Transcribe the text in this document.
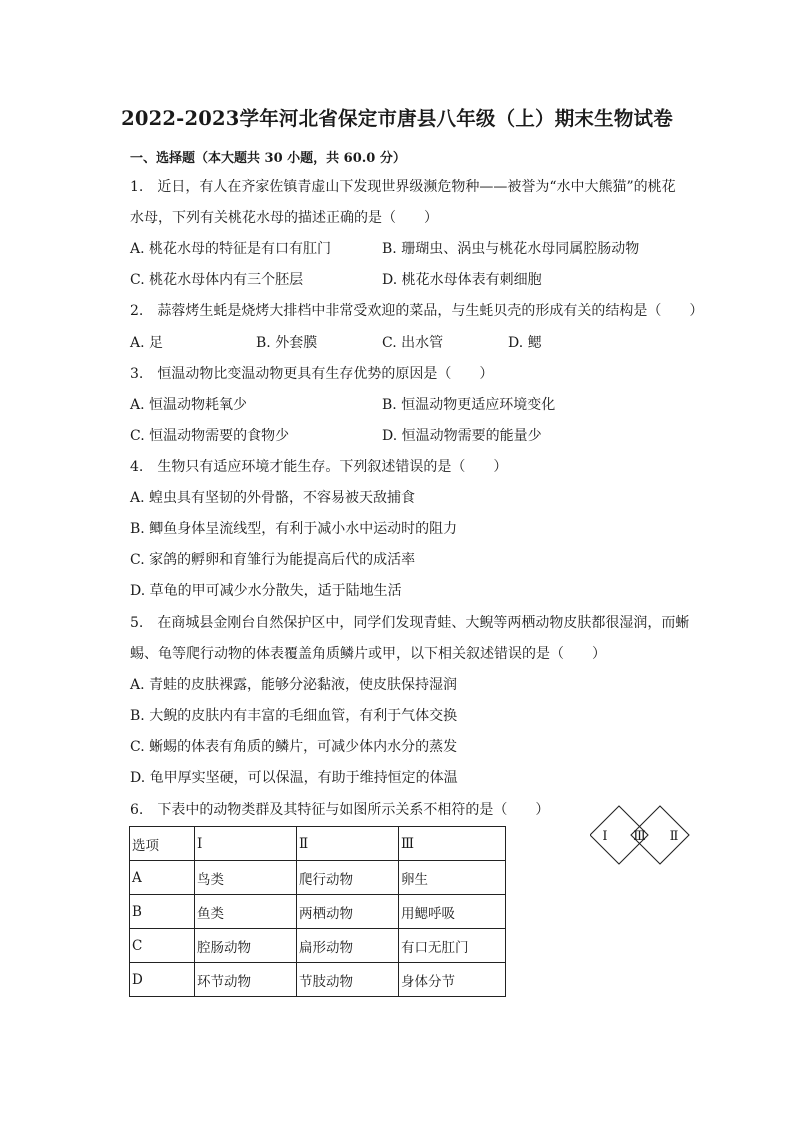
2022-2023学年河北省保定市唐县八年级（上）期末生物试卷
一、选择题（本大题共 30 小题，共 60.0 分）
1.　近日，有人在齐家佐镇青虚山下发现世界级濒危物种——被誉为“水中大熊猫”的桃花
水母，下列有关桃花水母的描述正确的是（　　）
A. 桃花水母的特征是有口有肛门	B. 珊瑚虫、涡虫与桃花水母同属腔肠动物
C. 桃花水母体内有三个胚层	D. 桃花水母体表有刺细胞
2.　蒜蓉烤生蚝是烧烤大排档中非常受欢迎的菜品，与生蚝贝壳的形成有关的结构是（　　）
A. 足	B. 外套膜	C. 出水管	D. 鳃
3.　恒温动物比变温动物更具有生存优势的原因是（　　）
A. 恒温动物耗氧少	B. 恒温动物更适应环境变化
C. 恒温动物需要的食物少	D. 恒温动物需要的能量少
4.　生物只有适应环境才能生存。下列叙述错误的是（　　）
A. 蝗虫具有坚韧的外骨骼，不容易被天敌捕食
B. 鲫鱼身体呈流线型，有利于减小水中运动时的阻力
C. 家鸽的孵卵和育雏行为能提高后代的成活率
D. 草龟的甲可减少水分散失，适于陆地生活
5.　在商城县金刚台自然保护区中，同学们发现青蛙、大鲵等两栖动物皮肤都很湿润，而蜥
蜴、龟等爬行动物的体表覆盖角质鳞片或甲，以下相关叙述错误的是（　　）
A. 青蛙的皮肤裸露，能够分泌黏液，使皮肤保持湿润
B. 大鲵的皮肤内有丰富的毛细血管，有利于气体交换
C. 蜥蜴的体表有角质的鳞片，可减少体内水分的蒸发
D. 龟甲厚实坚硬，可以保温，有助于维持恒定的体温
6.　下表中的动物类群及其特征与如图所示关系不相符的是（　　）
选项	Ⅰ	Ⅱ	Ⅲ
A	鸟类	爬行动物	卵生
B	鱼类	两栖动物	用鳃呼吸
C	腔肠动物	扁形动物	有口无肛门
D	环节动物	节肢动物	身体分节
Ⅰ Ⅲ Ⅱ
